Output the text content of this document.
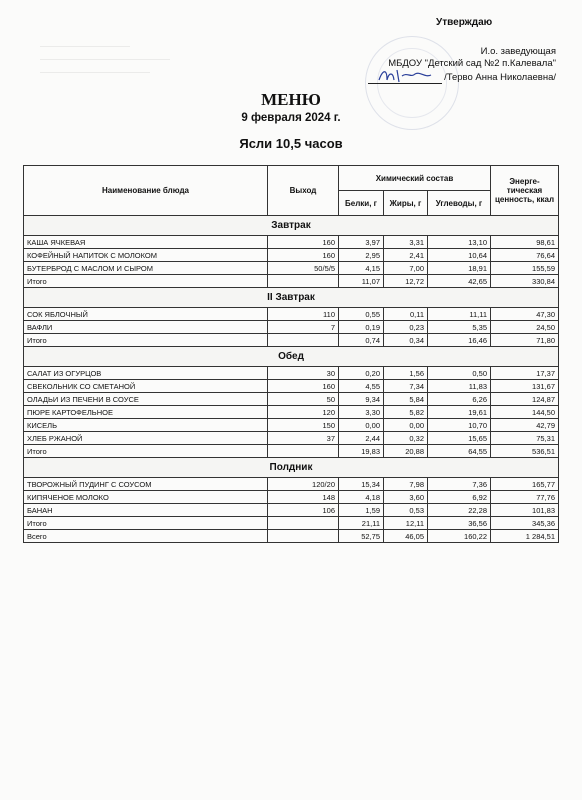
Утверждаю
И.о. заведующая
МБДОУ "Детский сад №2 п.Калевала"
/Терво Анна Николаевна/
МЕНЮ
9 февраля 2024 г.
Ясли 10,5 часов
Наименование блюда	Выход	Химический состав			Энерге-тическая ценность, ккал
		Белки, г	Жиры, г	Углеводы, г	
Завтрак					
КАША ЯЧКЕВАЯ	160	3,97	3,31	13,10	98,61
КОФЕЙНЫЙ НАПИТОК С МОЛОКОМ	160	2,95	2,41	10,64	76,64
БУТЕРБРОД С МАСЛОМ И СЫРОМ	50/5/5	4,15	7,00	18,91	155,59
Итого		11,07	12,72	42,65	330,84
II Завтрак					
СОК ЯБЛОЧНЫЙ	110	0,55	0,11	11,11	47,30
ВАФЛИ	7	0,19	0,23	5,35	24,50
Итого		0,74	0,34	16,46	71,80
Обед					
САЛАТ ИЗ ОГУРЦОВ	30	0,20	1,56	0,50	17,37
СВЕКОЛЬНИК СО СМЕТАНОЙ	160	4,55	7,34	11,83	131,67
ОЛАДЬИ ИЗ ПЕЧЕНИ В СОУСЕ	50	9,34	5,84	6,26	124,87
ПЮРЕ КАРТОФЕЛЬНОЕ	120	3,30	5,82	19,61	144,50
КИСЕЛЬ	150	0,00	0,00	10,70	42,79
ХЛЕБ РЖАНОЙ	37	2,44	0,32	15,65	75,31
Итого		19,83	20,88	64,55	536,51
Полдник					
ТВОРОЖНЫЙ ПУДИНГ С СОУСОМ	120/20	15,34	7,98	7,36	165,77
КИПЯЧЕНОЕ МОЛОКО	148	4,18	3,60	6,92	77,76
БАНАН	106	1,59	0,53	22,28	101,83
Итого		21,11	12,11	36,56	345,36
Всего		52,75	46,05	160,22	1 284,51
